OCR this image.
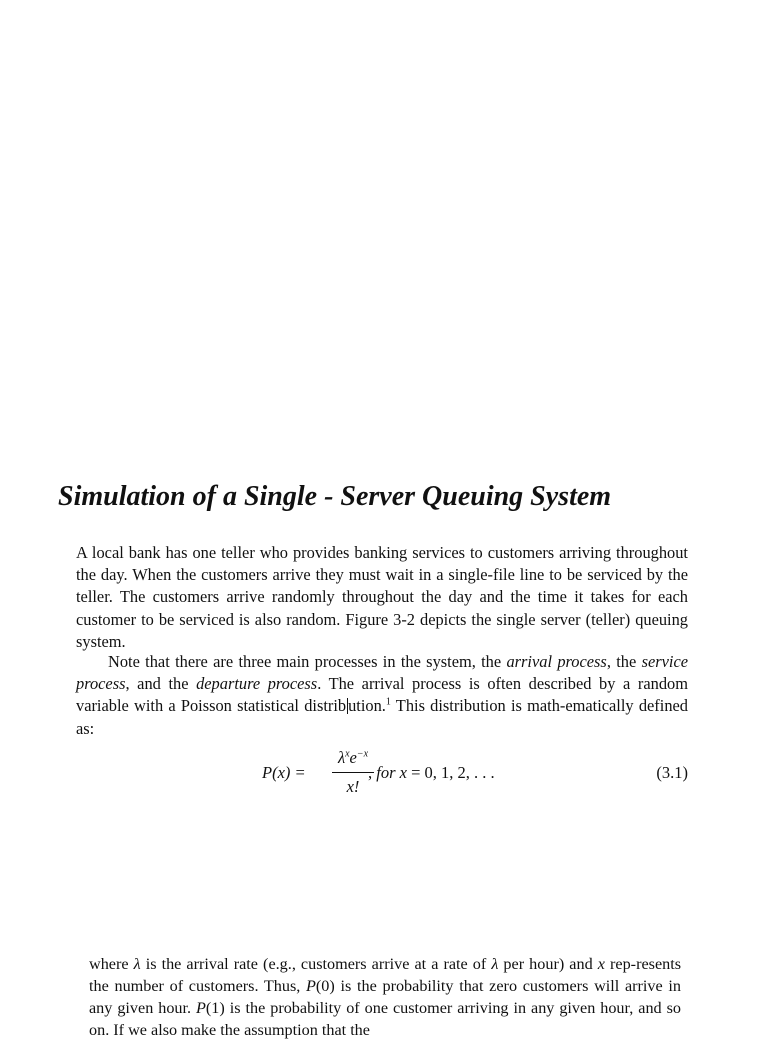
Simulation of a Single - Server Queuing System

A local bank has one teller who provides banking services to customers arriving throughout the day. When the customers arrive they must wait in a single-file line to be serviced by the teller. The customers arrive randomly throughout the day and the time it takes for each customer to be serviced is also random. Figure 3-2 depicts the single server (teller) queuing system.

Note that there are three main processes in the system, the arrival process, the service process, and the departure process. The arrival process is often described by a random variable with a Poisson statistical distrib ution.$^1$ This distribution is math-ematically defined as:

P(x) =
$\lambda^xe^{-x}$
x!
, for x = 0, 1, 2, . . .	(3.1)

where λ is the arrival rate (e.g., customers arrive at a rate of λ per hour) and x rep-resents the number of customers. Thus, P(0) is the probability that zero customers will arrive in any given hour. P(1) is the probability of one customer arriving in any given hour, and so on. If we also make the assumption that the
